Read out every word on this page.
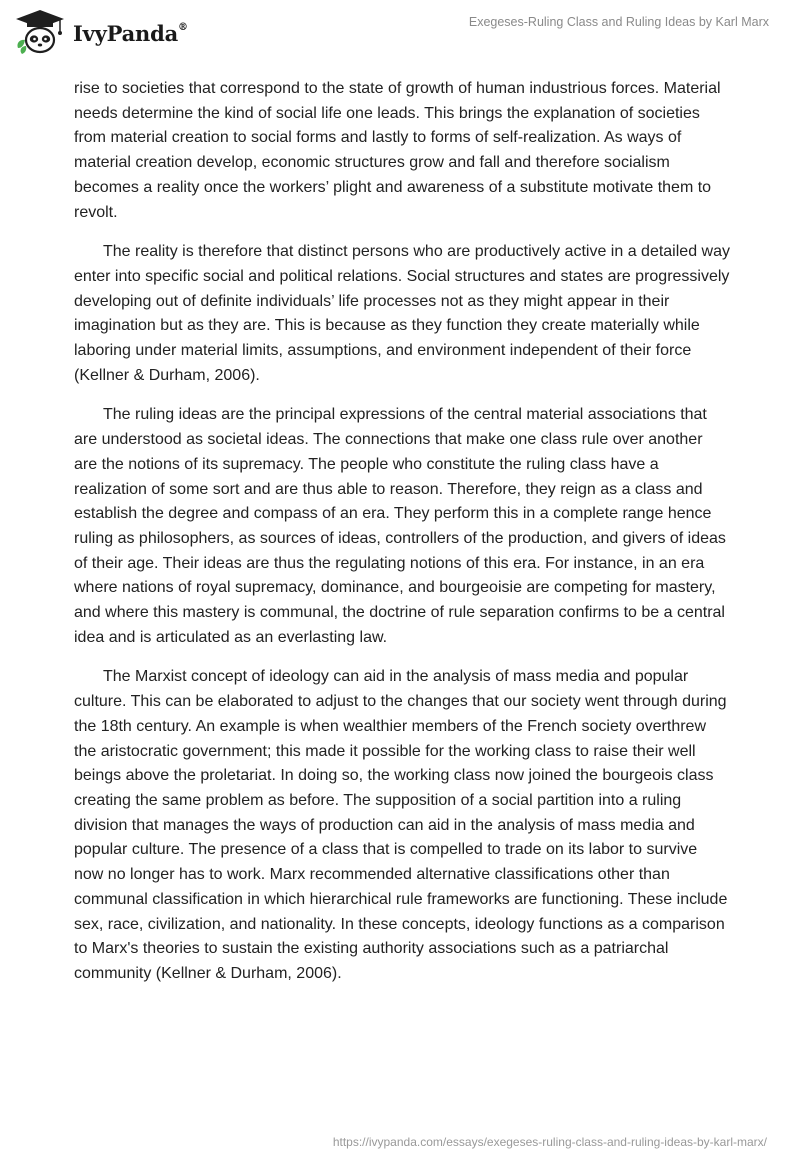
IvyPanda®	Exegeses-Ruling Class and Ruling Ideas by Karl Marx

rise to societies that correspond to the state of growth of human industrious forces. Material needs determine the kind of social life one leads. This brings the explanation of societies from material creation to social forms and lastly to forms of self-realization. As ways of material creation develop, economic structures grow and fall and therefore socialism becomes a reality once the workers’ plight and awareness of a substitute motivate them to revolt.

The reality is therefore that distinct persons who are productively active in a detailed way enter into specific social and political relations. Social structures and states are progressively developing out of definite individuals’ life processes not as they might appear in their imagination but as they are. This is because as they function they create materially while laboring under material limits, assumptions, and environment independent of their force (Kellner & Durham, 2006).

The ruling ideas are the principal expressions of the central material associations that are understood as societal ideas. The connections that make one class rule over another are the notions of its supremacy. The people who constitute the ruling class have a realization of some sort and are thus able to reason. Therefore, they reign as a class and establish the degree and compass of an era. They perform this in a complete range hence ruling as philosophers, as sources of ideas, controllers of the production, and givers of ideas of their age. Their ideas are thus the regulating notions of this era. For instance, in an era where nations of royal supremacy, dominance, and bourgeoisie are competing for mastery, and where this mastery is communal, the doctrine of rule separation confirms to be a central idea and is articulated as an everlasting law.

The Marxist concept of ideology can aid in the analysis of mass media and popular culture. This can be elaborated to adjust to the changes that our society went through during the 18th century. An example is when wealthier members of the French society overthrew the aristocratic government; this made it possible for the working class to raise their well beings above the proletariat. In doing so, the working class now joined the bourgeois class creating the same problem as before. The supposition of a social partition into a ruling division that manages the ways of production can aid in the analysis of mass media and popular culture. The presence of a class that is compelled to trade on its labor to survive now no longer has to work. Marx recommended alternative classifications other than communal classification in which hierarchical rule frameworks are functioning. These include sex, race, civilization, and nationality. In these concepts, ideology functions as a comparison to Marx's theories to sustain the existing authority associations such as a patriarchal community (Kellner & Durham, 2006).

https://ivypanda.com/essays/exegeses-ruling-class-and-ruling-ideas-by-karl-marx/
